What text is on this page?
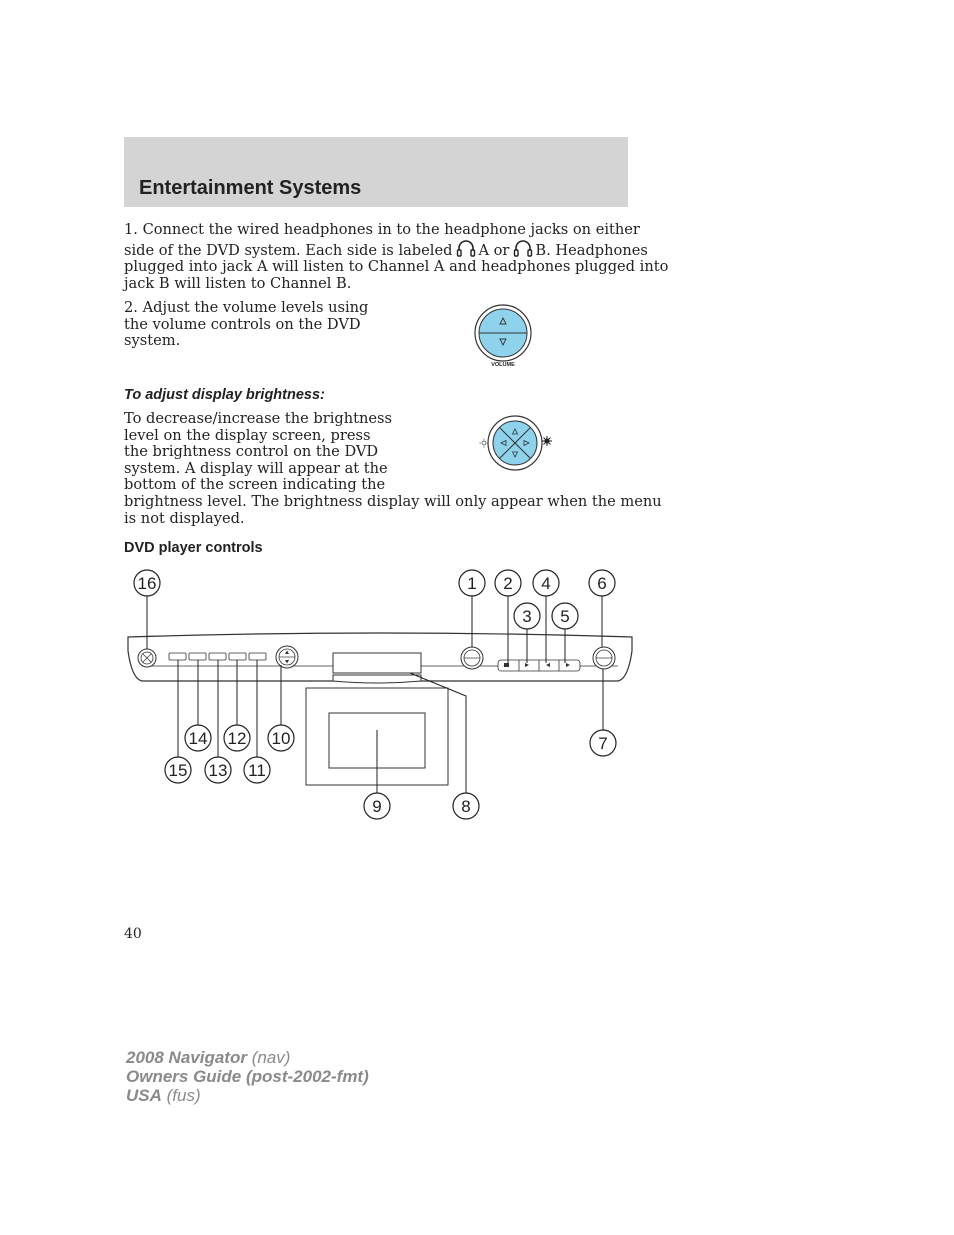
Entertainment Systems
1. Connect the wired headphones in to the headphone jacks on either
side of the DVD system. Each side is labeled A or B. Headphones
plugged into jack A will listen to Channel A and headphones plugged into
jack B will listen to Channel B.
2. Adjust the volume levels using
the volume controls on the DVD
system.
VOLUME
To adjust display brightness:
To decrease/increase the brightness
level on the display screen, press
the brightness control on the DVD
system. A display will appear at the
bottom of the screen indicating the
brightness level. The brightness display will only appear when the menu
is not displayed.
DVD player controls
16	1 2 4	6
3 5
7
14 12 10
15 13 11
9	8

40

2008 Navigator (nav)
Owners Guide (post-2002-fmt)
USA (fus)
